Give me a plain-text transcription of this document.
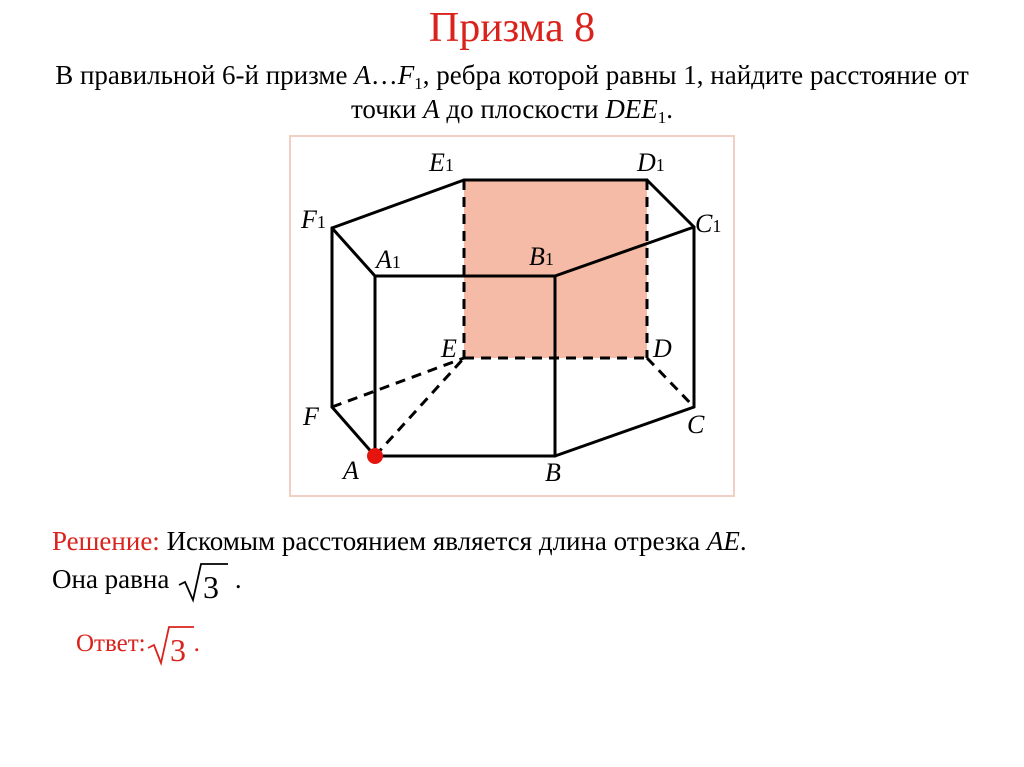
Призма 8
В правильной 6-й призме $A\dots F_1$, ребра которой равны 1, найдите расстояние от точки A до плоскости $DEE_1$.
E1	D1
F1	C1
A1	B1
E	D
F	C
A	B
Решение: Искомым расстоянием является длина отрезка AE.
Она равна 3 .
Ответ: 3 .
